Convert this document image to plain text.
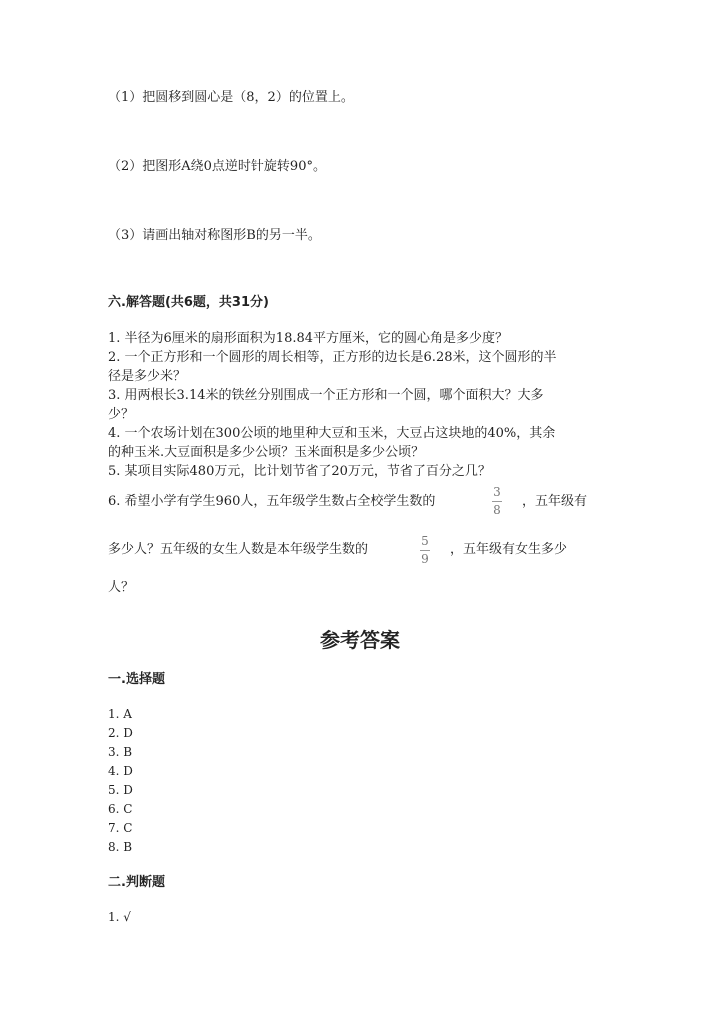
（1）把圆移到圆心是（8，2）的位置上。
（2）把图形A绕0点逆时针旋转90°。
（3）请画出轴对称图形B的另一半。
六.解答题(共6题，共31分)
1. 半径为6厘米的扇形面积为18.84平方厘米，它的圆心角是多少度？
2. 一个正方形和一个圆形的周长相等，正方形的边长是6.28米，这个圆形的半
径是多少米？
3. 用两根长3.14米的铁丝分别围成一个正方形和一个圆，哪个面积大？大多
少？
4. 一个农场计划在300公顷的地里种大豆和玉米，大豆占这块地的40%，其余
的种玉米.大豆面积是多少公顷？玉米面积是多少公顷？
5. 某项目实际480万元，比计划节省了20万元，节省了百分之几？
6. 希望小学有学生960人，五年级学生数占全校学生数的
3
8
，五年级有
多少人？五年级的女生人数是本年级学生数的
5
9
，五年级有女生多少
人？
参考答案
一.选择题
1. A
2. D
3. B
4. D
5. D
6. C
7. C
8. B
二.判断题
1. √
